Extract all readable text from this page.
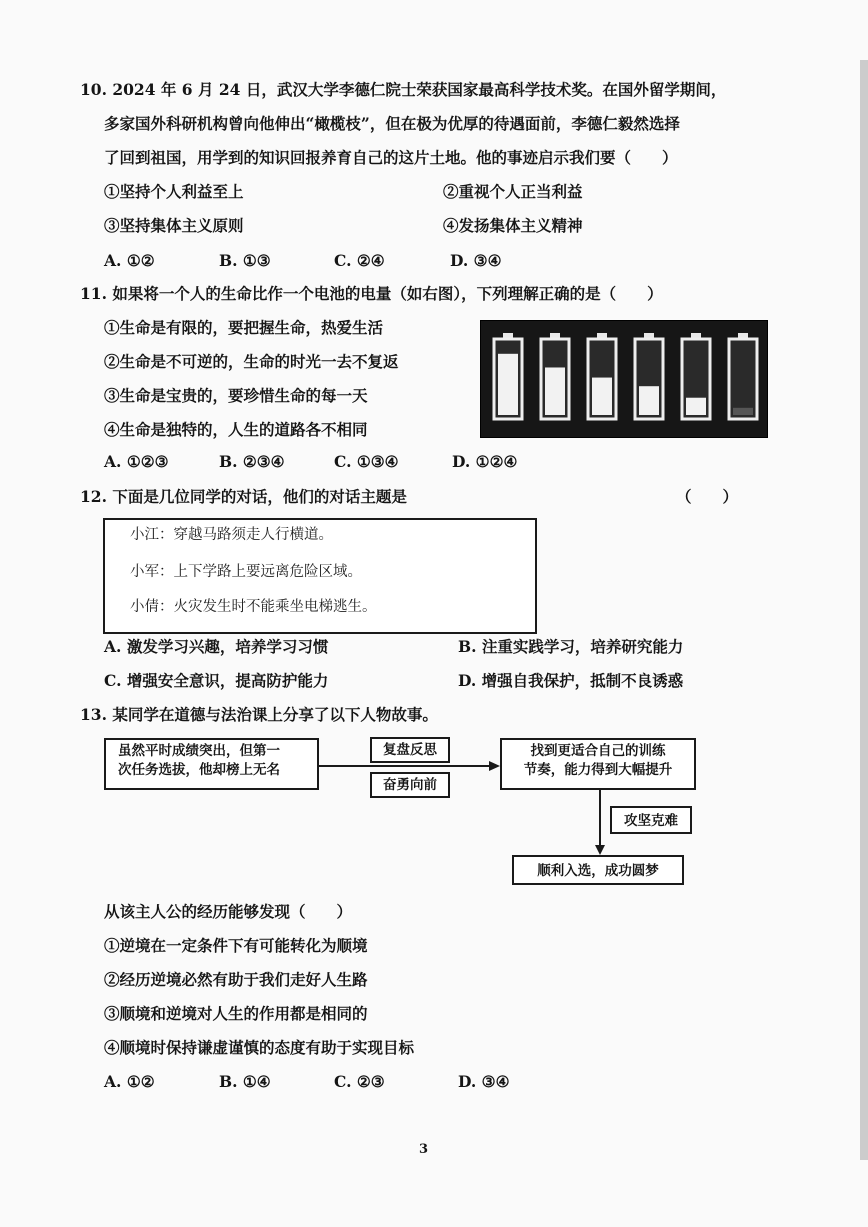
10. 2024 年 6 月 24 日，武汉大学李德仁院士荣获国家最高科学技术奖。在国外留学期间，
多家国外科研机构曾向他伸出“橄榄枝”，但在极为优厚的待遇面前，李德仁毅然选择
了回到祖国，用学到的知识回报养育自己的这片土地。他的事迹启示我们要（　　）
①坚持个人利益至上	②重视个人正当利益
③坚持集体主义原则	④发扬集体主义精神
A. ①②	B. ①③	C. ②④	D. ③④
11. 如果将一个人的生命比作一个电池的电量（如右图），下列理解正确的是（　　）
①生命是有限的，要把握生命，热爱生活
②生命是不可逆的，生命的时光一去不复返
③生命是宝贵的，要珍惜生命的每一天
④生命是独特的，人生的道路各不相同
A. ①②③	B. ②③④	C. ①③④	D. ①②④
12. 下面是几位同学的对话，他们的对话主题是	（　　）
小江：穿越马路须走人行横道。
小军：上下学路上要远离危险区域。
小倩：火灾发生时不能乘坐电梯逃生。
A. 激发学习兴趣，培养学习习惯	B. 注重实践学习，培养研究能力
C. 增强安全意识，提高防护能力	D. 增强自我保护，抵制不良诱惑
13. 某同学在道德与法治课上分享了以下人物故事。
虽然平时成绩突出，但第一
次任务选拔，他却榜上无名
复盘反思
奋勇向前
找到更适合自己的训练
节奏，能力得到大幅提升
攻坚克难
顺利入选，成功圆梦
从该主人公的经历能够发现（　　）
①逆境在一定条件下有可能转化为顺境
②经历逆境必然有助于我们走好人生路
③顺境和逆境对人生的作用都是相同的
④顺境时保持谦虚谨慎的态度有助于实现目标
A. ①②	B. ①④	C. ②③	D. ③④
3
